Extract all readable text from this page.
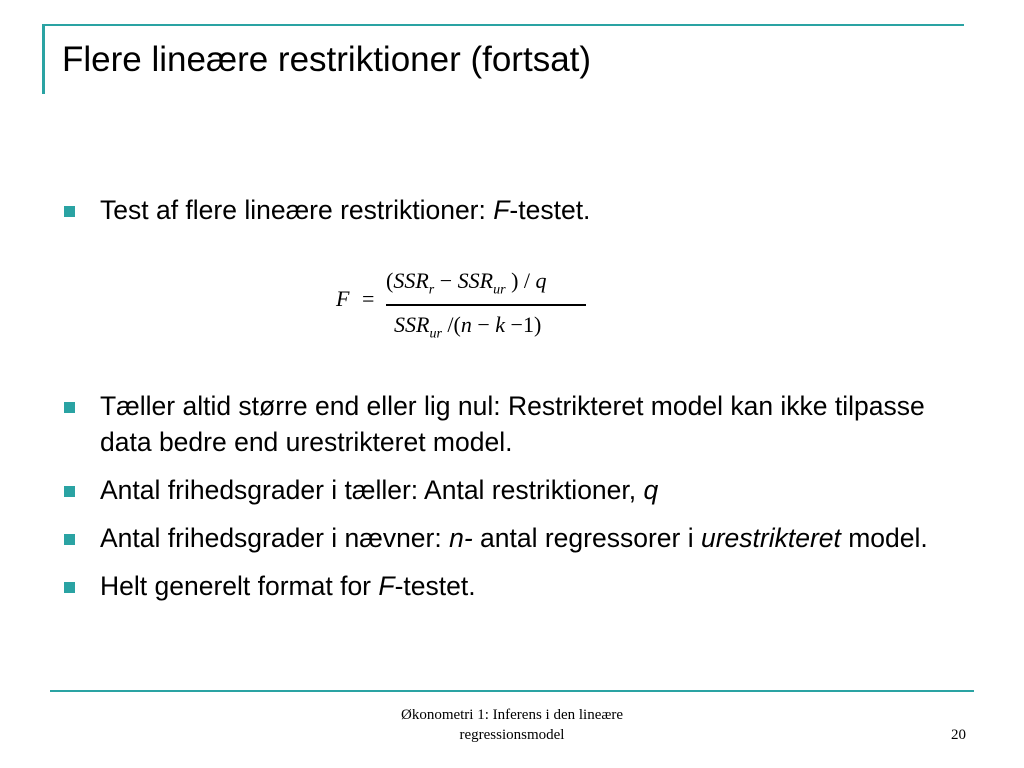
Flere lineære restriktioner (fortsat)
Test af flere lineære restriktioner: F-testet.
F =
($SSR_r - SSR_{ur}$ ) / q
$SSR_{ur}$ /(n − k −1)
Tæller altid større end eller lig nul: Restrikteret model kan ikke tilpasse data bedre end urestrikteret model.
Antal frihedsgrader i tæller: Antal restriktioner, q
Antal frihedsgrader i nævner: n- antal regressorer i urestrikteret model.
Helt generelt format for F-testet.
Økonometri 1: Inferens i den lineære
regressionsmodel	20
